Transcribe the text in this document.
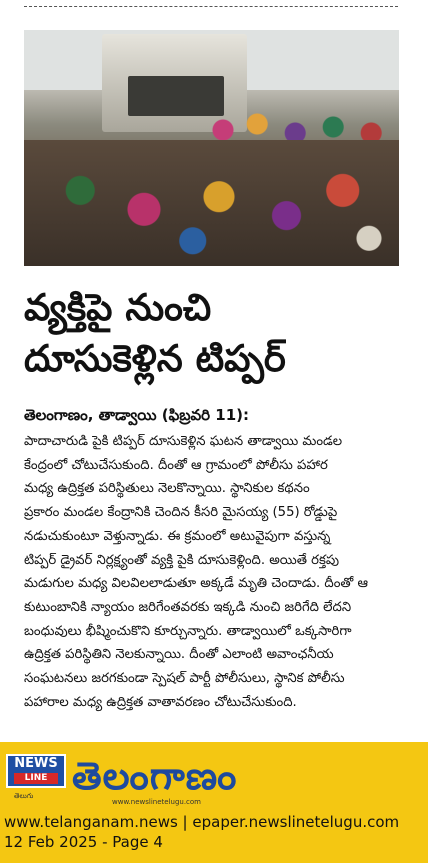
వ్యక్తిపై నుంచి
దూసుకెళ్లిన టిప్పర్

తెలంగాణం, తాడ్వాయి (ఫిబ్రవరి 11):

పాదాచారుడి పైకి టిప్పర్ దూసుకెళ్లిన ఘటన తాడ్వాయి మండల
కేంద్రంలో చోటుచేసుకుంది. దీంతో ఆ గ్రామంలో పోలీసు పహార
మధ్య ఉద్రిక్తత పరిస్థితులు నెలకొన్నాయి. స్థానికుల కథనం
ప్రకారం మండల కేంద్రానికి చెందిన కీసరి మైసయ్య (55) రోడ్డుపై
నడుచుకుంటూ వెళ్తున్నాడు. ఈ క్రమంలో అటువైపుగా వస్తున్న
టిప్పర్ డ్రైవర్ నిర్లక్ష్యంతో వ్యక్తి పైకి దూసుకెళ్లింది. అయితే రక్తపు
మడుగుల మధ్య విలవిలలాడుతూ అక్కడే మృతి చెందాడు. దీంతో ఆ
కుటుంబానికి న్యాయం జరిగేంతవరకు ఇక్కడి నుంచి జరిగేది లేదని
బంధువులు భీష్మించుకొని కూర్చున్నారు. తాడ్వాయిలో ఒక్కసారిగా
ఉద్రిక్తత పరిస్థితిని నెలకున్నాయి. దీంతో ఎలాంటి అవాంఛనీయ
సంఘటనలు జరగకుండా స్పెషల్ పార్టీ పోలీసులు, స్థానిక పోలీసు
పహారాల మధ్య ఉద్రిక్తత వాతావరణం చోటుచేసుకుంది.
NEWS
LINE
తెలుగు తెలంగాణం
www.newslinetelugu.com
www.telanganam.news | epaper.newslinetelugu.com
12 Feb 2025 - Page 4
